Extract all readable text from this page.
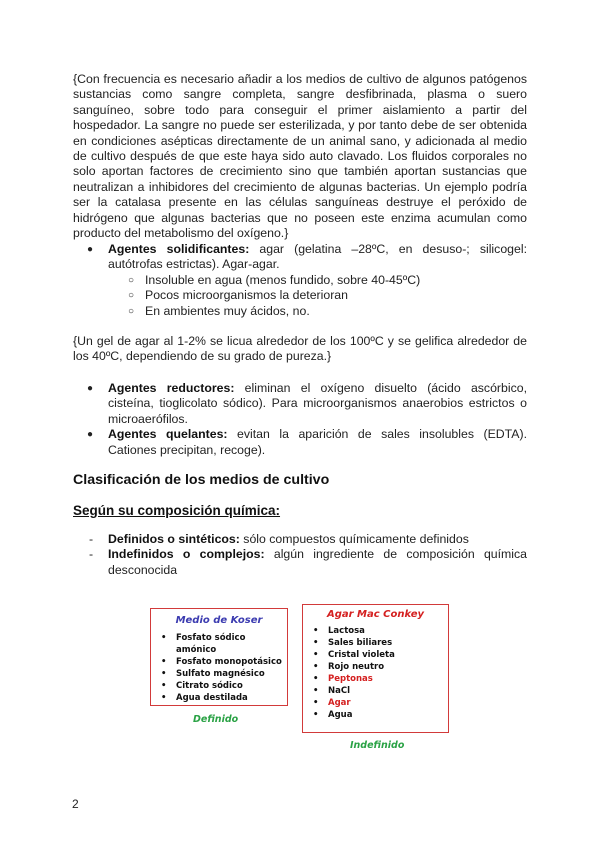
{Con frecuencia es necesario añadir a los medios de cultivo de algunos patógenos sustancias como sangre completa, sangre desfibrinada, plasma o suero sanguíneo, sobre todo para conseguir el primer aislamiento a partir del hospedador. La sangre no puede ser esterilizada, y por tanto debe de ser obtenida en condiciones asépticas directamente de un animal sano, y adicionada al medio de cultivo después de que este haya sido auto clavado. Los fluidos corporales no solo aportan factores de crecimiento sino que también aportan sustancias que neutralizan a inhibidores del crecimiento de algunas bacterias. Un ejemplo podría ser la catalasa presente en las células sanguíneas destruye el peróxido de hidrógeno que algunas bacterias que no poseen este enzima acumulan como producto del metabolismo del oxígeno.}

● Agentes solidificantes: agar (gelatina –28ºC, en desuso-; silicogel: autótrofas estrictas). Agar-agar.
○ Insoluble en agua (menos fundido, sobre 40-45ºC)
○ Pocos microorganismos la deterioran
○ En ambientes muy ácidos, no.

{Un gel de agar al 1-2% se licua alrededor de los 100ºC y se gelifica alrededor de los 40ºC, dependiendo de su grado de pureza.}

● Agentes reductores: eliminan el oxígeno disuelto (ácido ascórbico, cisteína, tioglicolato sódico). Para microorganismos anaerobios estrictos o microaerófilos.
● Agentes quelantes: evitan la aparición de sales insolubles (EDTA). Cationes precipitan, recoge).

Clasificación de los medios de cultivo

Según su composición química:

- Definidos o sintéticos: sólo compuestos químicamente definidos
- Indefinidos o complejos: algún ingrediente de composición química desconocida

Medio de Koser

• Fosfato sódico amónico
• Fosfato monopotásico
• Sulfato magnésico
• Citrato sódico
• Agua destilada

Definido

Agar Mac Conkey

• Lactosa
• Sales biliares
• Cristal violeta
• Rojo neutro
• Peptonas
• NaCl
• Agar
• Agua

Indefinido

2
